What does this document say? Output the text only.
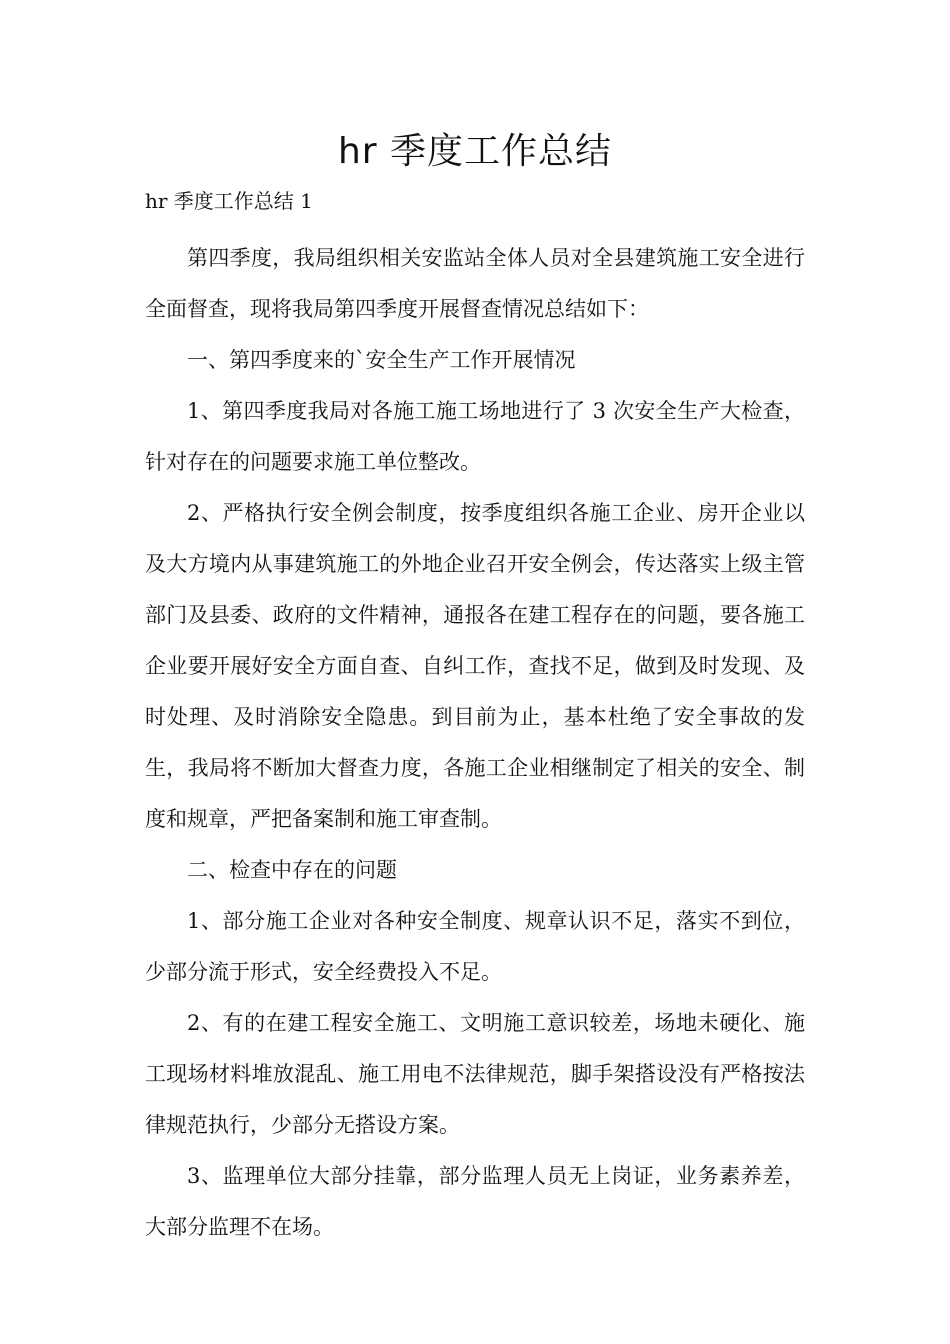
hr 季度工作总结

hr 季度工作总结 1

第四季度，我局组织相关安监站全体人员对全县建筑施工安全进行全面督查，现将我局第四季度开展督查情况总结如下：

一、第四季度来的`安全生产工作开展情况

1、第四季度我局对各施工施工场地进行了 3 次安全生产大检查，针对存在的问题要求施工单位整改。

2、严格执行安全例会制度，按季度组织各施工企业、房开企业以及大方境内从事建筑施工的外地企业召开安全例会，传达落实上级主管部门及县委、政府的文件精神，通报各在建工程存在的问题，要各施工企业要开展好安全方面自查、自纠工作，查找不足，做到及时发现、及时处理、及时消除安全隐患。到目前为止，基本杜绝了安全事故的发生，我局将不断加大督查力度，各施工企业相继制定了相关的安全、制度和规章，严把备案制和施工审查制。

二、检查中存在的问题

1、部分施工企业对各种安全制度、规章认识不足，落实不到位，少部分流于形式，安全经费投入不足。

2、有的在建工程安全施工、文明施工意识较差，场地未硬化、施工现场材料堆放混乱、施工用电不法律规范，脚手架搭设没有严格按法律规范执行，少部分无搭设方案。

3、监理单位大部分挂靠，部分监理人员无上岗证，业务素养差，大部分监理不在场。
